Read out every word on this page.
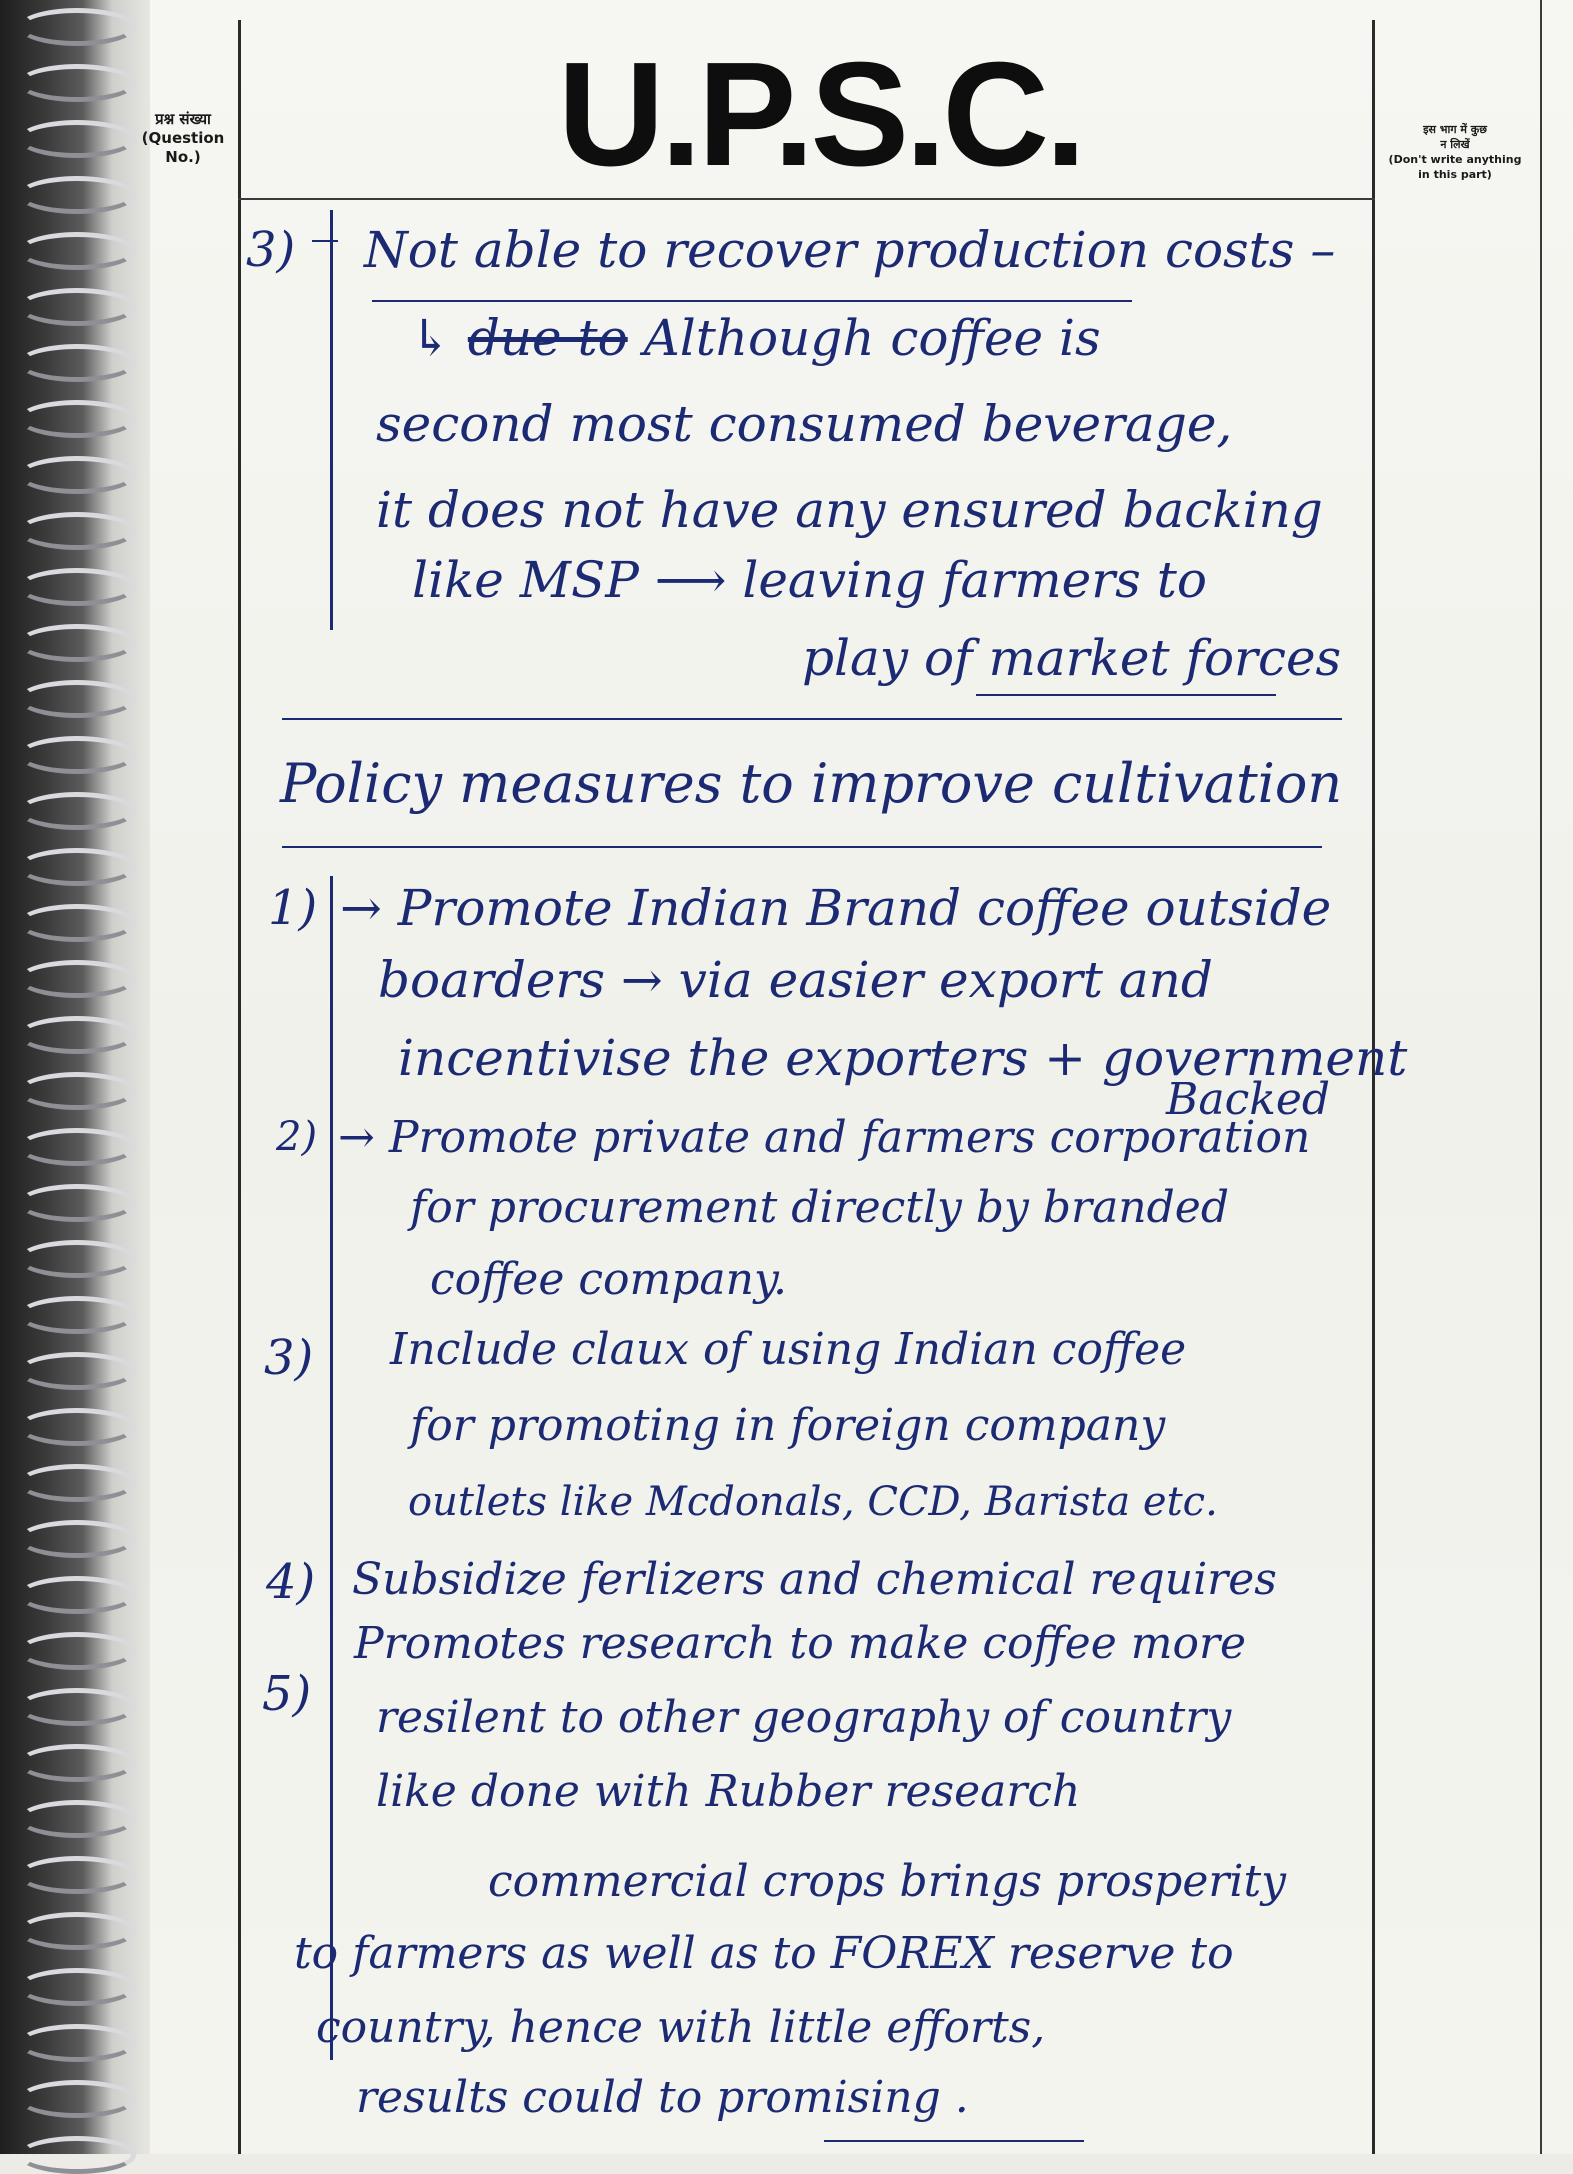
प्रश्न संख्या
(Question No.) U.P.S.C.	इस भाग में कुछ
न लिखें
(Don't write anything
in this part)
3) Not able to recover production costs –
↳ due to Although coffee is
second most consumed beverage,
it does not have any ensured backing
like MSP ⟶ leaving farmers to
play of market forces
Policy measures to improve cultivation
1) → Promote Indian Brand coffee outside
boarders → via easier export and
incentivise the exporters + government
Backed
2) → Promote private and farmers corporation
for procurement directly by branded
coffee company.
3) Include claux of using Indian coffee
for promoting in foreign company
outlets like Mcdonals, CCD, Barista etc.
4) Subsidize ferlizers and chemical requires
5)
Promotes research to make coffee more
resilent to other geography of country
like done with Rubber research
commercial crops brings prosperity
to farmers as well as to FOREX reserve to
country, hence with little efforts,
results could to promising .
